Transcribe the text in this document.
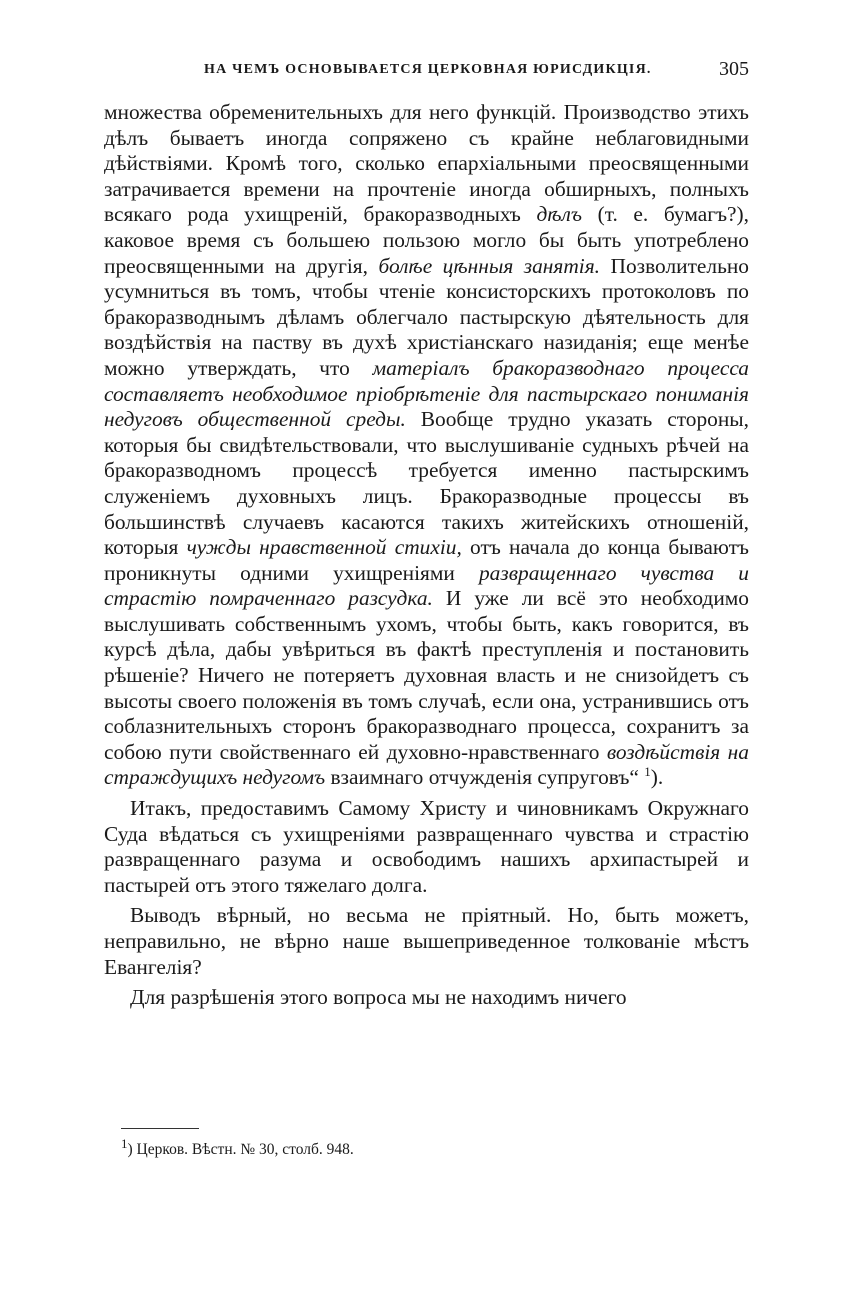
НА ЧЕМЪ ОСНОВЫВАЕТСЯ ЦЕРКОВНАЯ ЮРИСДИКЦІЯ.	305

множества обременительныхъ для него функцій. Производство этихъ дѣлъ бываетъ иногда сопряжено съ крайне неблаговидными дѣйствіями. Кромѣ того, сколько епархіальными преосвященными затрачивается времени на прочтеніе иногда обширныхъ, полныхъ всякаго рода ухищреній, бракоразводныхъ дѣлъ (т. е. бумагъ?), каковое время съ большею пользою могло бы быть употреблено преосвященными на другія, болѣе цѣнныя занятія. Позволительно усумниться въ томъ, чтобы чтеніе консисторскихъ протоколовъ по бракоразводнымъ дѣламъ облегчало пастырскую дѣятельность для воздѣйствія на паству въ духѣ христіанскаго назиданія; еще менѣе можно утверждать, что матеріалъ бракоразводнаго процесса составляетъ необходимое пріобрѣтеніе для пастырскаго пониманія недуговъ общественной среды. Вообще трудно указать стороны, которыя бы свидѣтельствовали, что выслушиваніе судныхъ рѣчей на бракоразводномъ процессѣ требуется именно пастырскимъ служеніемъ духовныхъ лицъ. Бракоразводные процессы въ большинствѣ случаевъ касаются такихъ житейскихъ отношеній, которыя чужды нравственной стихіи, отъ начала до конца бываютъ проникнуты одними ухищреніями развращеннаго чувства и страстію помраченнаго разсудка. И уже ли всё это необходимо выслушивать собственнымъ ухомъ, чтобы быть, какъ говорится, въ курсѣ дѣла, дабы увѣриться въ фактѣ преступленія и постановить рѣшеніе? Ничего не потеряетъ духовная власть и не снизойдетъ съ высоты своего положенія въ томъ случаѣ, если она, устранившись отъ соблазнительныхъ сторонъ бракоразводнаго процесса, сохранитъ за собою пути свойственнаго ей духовно-нравственнаго воздѣйствія на страждущихъ недугомъ взаимнаго отчужденія супруговъ“ $^1$).

Итакъ, предоставимъ Самому Христу и чиновникамъ Окружнаго Суда вѣдаться съ ухищреніями развращеннаго чувства и страстію развращеннаго разума и освободимъ нашихъ архипастырей и пастырей отъ этого тяжелаго долга.

Выводъ вѣрный, но весьма не пріятный. Но, быть можетъ, неправильно, не вѣрно наше вышеприведенное толкованіе мѣстъ Евангелія?

Для разрѣшенія этого вопроса мы не находимъ ничего

$^1$) Церков. Вѣстн. № 30, столб. 948.
